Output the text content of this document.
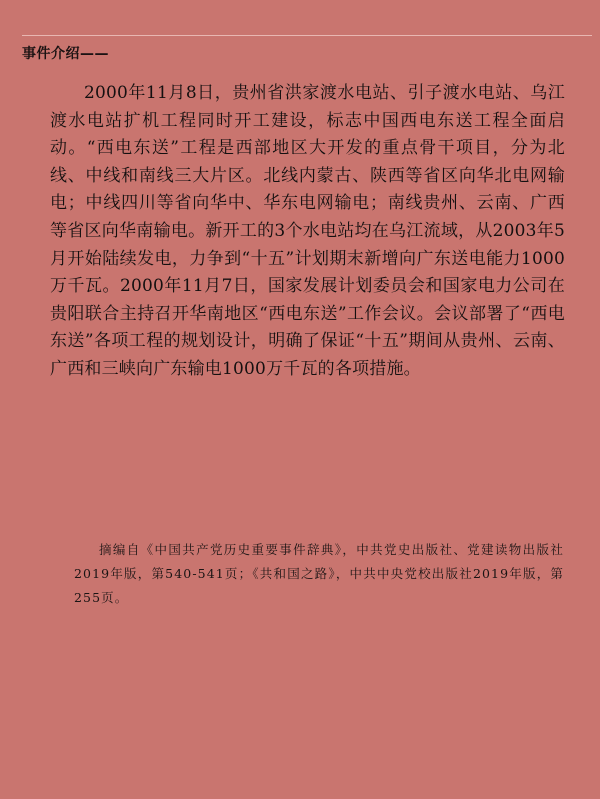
事件介绍——

2000年11月8日，贵州省洪家渡水电站、引子渡水电站、乌江渡水电站扩机工程同时开工建设，标志中国西电东送工程全面启动。“西电东送”工程是西部地区大开发的重点骨干项目，分为北线、中线和南线三大片区。北线内蒙古、陕西等省区向华北电网输电；中线四川等省向华中、华东电网输电；南线贵州、云南、广西等省区向华南输电。新开工的3个水电站均在乌江流域，从2003年5月开始陆续发电，力争到“十五”计划期末新增向广东送电能力1000万千瓦。2000年11月7日，国家发展计划委员会和国家电力公司在贵阳联合主持召开华南地区“西电东送”工作会议。会议部署了“西电东送”各项工程的规划设计，明确了保证“十五”期间从贵州、云南、广西和三峡向广东输电1000万千瓦的各项措施。

摘编自《中国共产党历史重要事件辞典》，中共党史出版社、党建读物出版社2019年版，第540-541页；《共和国之路》，中共中央党校出版社2019年版，第255页。
